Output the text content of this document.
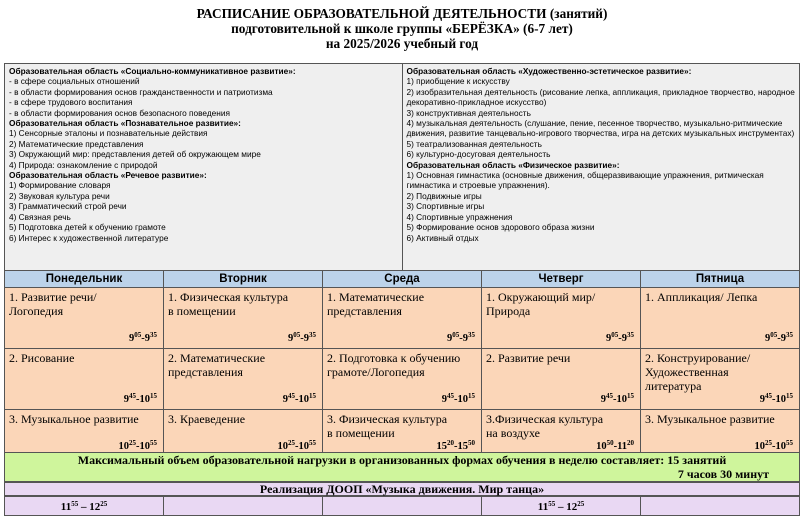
РАСПИСАНИЕ ОБРАЗОВАТЕЛЬНОЙ ДЕЯТЕЛЬНОСТИ (занятий)
подготовительной к школе группы «БЕРЁЗКА» (6-7 лет)
на 2025/2026 учебный год
Образовательная область «Социально-коммуникативное развитие»:
- в сфере социальных отношений
- в области формирования основ гражданственности и патриотизма
- в сфере трудового воспитания
- в области формирования основ безопасного поведения
Образовательная область «Познавательное развитие»:
1) Сенсорные эталоны и познавательные действия
2) Математические представления
3) Окружающий мир: представления детей об окружающем мире
4) Природа: ознакомление с природой
Образовательная область «Речевое развитие»:
1) Формирование словаря
2) Звуковая культура речи
3) Грамматический строй речи
4) Связная речь
5) Подготовка детей к обучению грамоте
6) Интерес к художественной литературе

Образовательная область «Художественно-эстетическое развитие»:
1) приобщение к искусству
2) изобразительная деятельность (рисование лепка, аппликация, прикладное творчество, народное декоративно-прикладное искусство)
3) конструктивная деятельность
4) музыкальная деятельность (слушание, пение, песенное творчество, музыкально-ритмические движения, развитие танцевально-игрового творчества, игра на детских музыкальных инструментах)
5) театрализованная деятельность
6) культурно-досуговая деятельность
Образовательная область «Физическое развитие»:
1) Основная гимнастика (основные движения, общеразвивающие упражнения, ритмическая гимнастика и строевые упражнения).
2) Подвижные игры
3) Спортивные игры
4) Спортивные упражнения
5) Формирование основ здорового образа жизни
6) Активный отдых
Понедельник	Вторник	Среда	Четверг	Пятница

1. Развитие речи/
Логопедия
$9^{05}-9^{35}$	1. Физическая культура
в помещении
$9^{05}-9^{35}$	1. Математические
представления
$9^{05}-9^{35}$	1. Окружающий мир/
Природа
$9^{05}-9^{35}$	1. Аппликация/ Лепка
$9^{05}-9^{35}$

2. Рисование
$9^{45}-10^{15}$	2. Математические
представления
$9^{45}-10^{15}$	2. Подготовка к обучению
грамоте/Логопедия
$9^{45}-10^{15}$	2. Развитие речи
$9^{45}-10^{15}$	2. Конструирование/
Художественная
литература
$9^{45}-10^{15}$

3. Музыкальное развитие
$10^{25}-10^{55}$	3. Краеведение
$10^{25}-10^{55}$	3. Физическая культура
в помещении
$15^{20}-15^{50}$	3.Физическая культура
на воздухе
$10^{50}-11^{20}$	3. Музыкальное развитие
$10^{25}-10^{55}$
Максимальный объем образовательной нагрузки в организованных формах обучения в неделю составляет: 15 занятий
7 часов 30 минут
Реализация ДООП «Музыка движения. Мир танца»
$11^{55} - 12^{25}$			$11^{55} - 12^{25}$	
